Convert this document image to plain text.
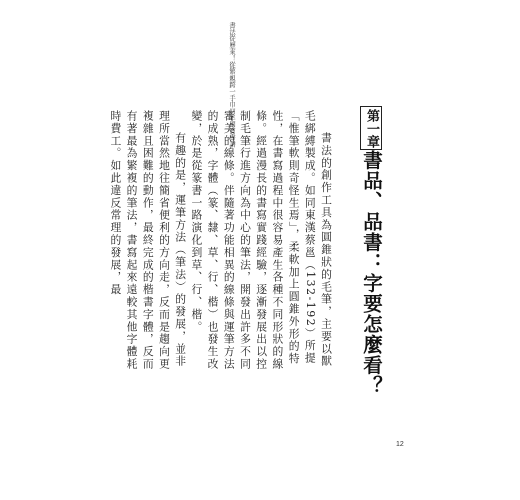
書法從歷來！從繁親跨一手巾四年國寶書譜	第一章
書品、品書：字要怎麼看？

書法的創作工具為圓錐狀的毛筆，主要以獸毛綁縛製成。如同東漢蔡邕（132-192）所提「惟筆軟則奇怪生焉」，柔軟加上圓錐外形的特性，在書寫過程中很容易產生各種不同形狀的線條。經過漫長的書寫實踐經驗，逐漸發展出以控制毛筆行進方向為中心的筆法，開發出許多不同審美的線條。伴隨著功能相異的線條與運筆方法的成熟，字體（篆、隸、草、行、楷）也發生改變，於是從篆書一路演化到草、行、楷。

有趣的是，運筆方法（筆法）的發展，並非理所當然地往簡省便利的方向走，反而是趨向更複雜且困難的動作，最終完成的楷書字體，反而有著最為繁複的筆法，書寫起來遠較其他字體耗時費工。如此違反常理的發展，最

12
